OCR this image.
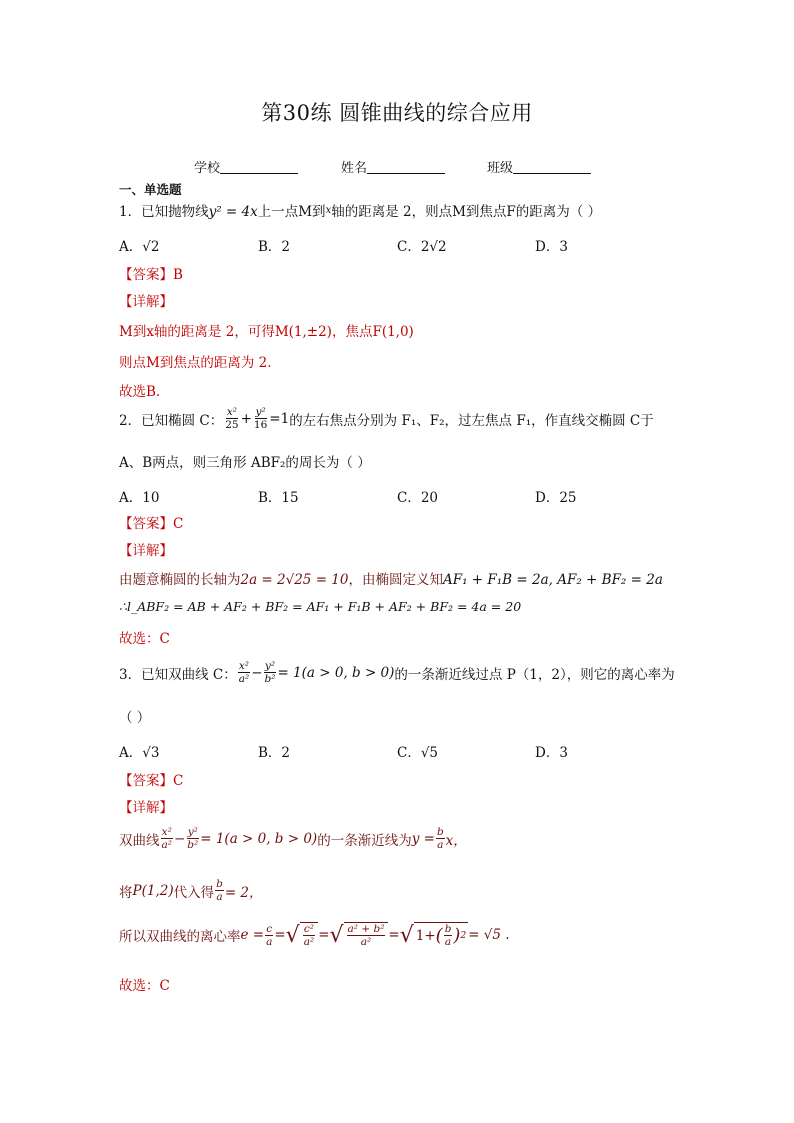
第30练 圆锥曲线的综合应用
学校	姓名	班级
一、单选题
1．已知抛物线y² = 4x上一点M到$^x$轴的距离是 2，则点M到焦点F的距离为（ ）
A．√2	B．2	C．2√2	D．3
【答案】B
【详解】
M到x轴的距离是 2，可得M(1,±2)，焦点F(1,0)
则点M到焦点的距离为 2.
故选B.
2．已知椭圆 C： $\frac{\text{x²}}{25} + \frac{\text{y²}}{16} =1$ 的左右焦点分别为 F₁、F₂，过左焦点 F₁，作直线交椭圆 C于
A、B两点，则三角形 ABF₂的周长为（ ）
A．10	B．15	C．20	D．25
【答案】C
【详解】
由题意椭圆的长轴为2a = 2√25 = 10，由椭圆定义知AF₁ + F₁B = 2a, AF₂ + BF₂ = 2a
∴l_ABF₂ = AB + AF₂ + BF₂ = AF₁ + F₁B + AF₂ + BF₂ = 4a = 20
故选：C
3．已知双曲线 C： $\frac{\text{x²}}{\text{a²}} - \frac{\text{y²}}{\text{b²}} = 1(a > 0$, b > 0) 的一条渐近线过点 P（1，2），则它的离心率为
（ ）
A．√3	B．2	C．√5	D．3
【答案】C
【详解】
双曲线 $\frac{\text{x²}}{\text{a²}} - \frac{\text{y²}}{\text{b²}} = 1(a > 0$, b > 0) 的一条渐近线为 $y = \frac{b}{a}$ x，
将 P(1,2) 代入得 $\frac{b}{a} = 2$，
所以双曲线的离心率 $e = \frac{c}{a}$ = √ $\frac{\text{c²}}{\text{a²}}$ = √ $\frac{\text{a² + b²}}{\text{a²}}$ = √ 1+ ( $\frac{b}{a}$ ) 2 = √5 .
故选：C
